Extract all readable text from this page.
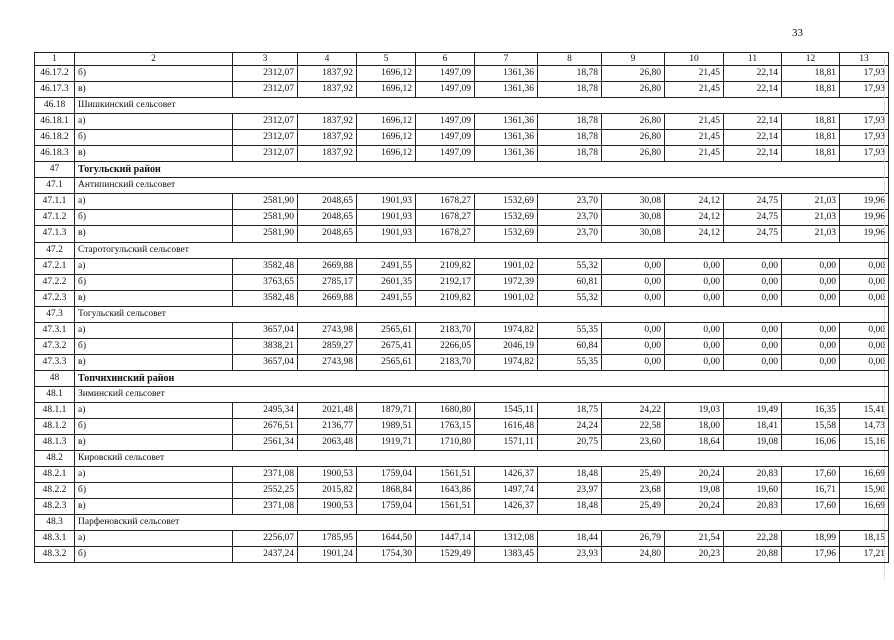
33
1	2	3	4	5	6	7	8	9	10	11	12	13
46.17.2	б)	2312,07	1837,92	1696,12	1497,09	1361,36	18,78	26,80	21,45	22,14	18,81	17,93
46.17.3	в)	2312,07	1837,92	1696,12	1497,09	1361,36	18,78	26,80	21,45	22,14	18,81	17,93
46.18	Шишкинский сельсовет											
46.18.1	а)	2312,07	1837,92	1696,12	1497,09	1361,36	18,78	26,80	21,45	22,14	18,81	17,93
46.18.2	б)	2312,07	1837,92	1696,12	1497,09	1361,36	18,78	26,80	21,45	22,14	18,81	17,93
46.18.3	в)	2312,07	1837,92	1696,12	1497,09	1361,36	18,78	26,80	21,45	22,14	18,81	17,93
47	Тогульский район											
47.1	Антипинский сельсовет											
47.1.1	а)	2581,90	2048,65	1901,93	1678,27	1532,69	23,70	30,08	24,12	24,75	21,03	19,96
47.1.2	б)	2581,90	2048,65	1901,93	1678,27	1532,69	23,70	30,08	24,12	24,75	21,03	19,96
47.1.3	в)	2581,90	2048,65	1901,93	1678,27	1532,69	23,70	30,08	24,12	24,75	21,03	19,96
47.2	Старотогульский сельсовет											
47.2.1	а)	3582,48	2669,88	2491,55	2109,82	1901,02	55,32	0,00	0,00	0,00	0,00	0,00
47.2.2	б)	3763,65	2785,17	2601,35	2192,17	1972,39	60,81	0,00	0,00	0,00	0,00	0,00
47.2.3	в)	3582,48	2669,88	2491,55	2109,82	1901,02	55,32	0,00	0,00	0,00	0,00	0,00
47.3	Тогульский сельсовет											
47.3.1	а)	3657,04	2743,98	2565,61	2183,70	1974,82	55,35	0,00	0,00	0,00	0,00	0,00
47.3.2	б)	3838,21	2859,27	2675,41	2266,05	2046,19	60,84	0,00	0,00	0,00	0,00	0,00
47.3.3	в)	3657,04	2743,98	2565,61	2183,70	1974,82	55,35	0,00	0,00	0,00	0,00	0,00
48	Топчихинский район											
48.1	Зиминский сельсовет											
48.1.1	а)	2495,34	2021,48	1879,71	1680,80	1545,11	18,75	24,22	19,03	19,49	16,35	15,41
48.1.2	б)	2676,51	2136,77	1989,51	1763,15	1616,48	24,24	22,58	18,00	18,41	15,58	14,73
48.1.3	в)	2561,34	2063,48	1919,71	1710,80	1571,11	20,75	23,60	18,64	19,08	16,06	15,16
48.2	Кировский сельсовет											
48.2.1	а)	2371,08	1900,53	1759,04	1561,51	1426,37	18,48	25,49	20,24	20,83	17,60	16,69
48.2.2	б)	2552,25	2015,82	1868,84	1643,86	1497,74	23,97	23,68	19,08	19,60	16,71	15,90
48.2.3	в)	2371,08	1900,53	1759,04	1561,51	1426,37	18,48	25,49	20,24	20,83	17,60	16,69
48.3	Парфеновский сельсовет											
48.3.1	а)	2256,07	1785,95	1644,50	1447,14	1312,08	18,44	26,79	21,54	22,28	18,99	18,15
48.3.2	б)	2437,24	1901,24	1754,30	1529,49	1383,45	23,93	24,80	20,23	20,88	17,96	17,21
